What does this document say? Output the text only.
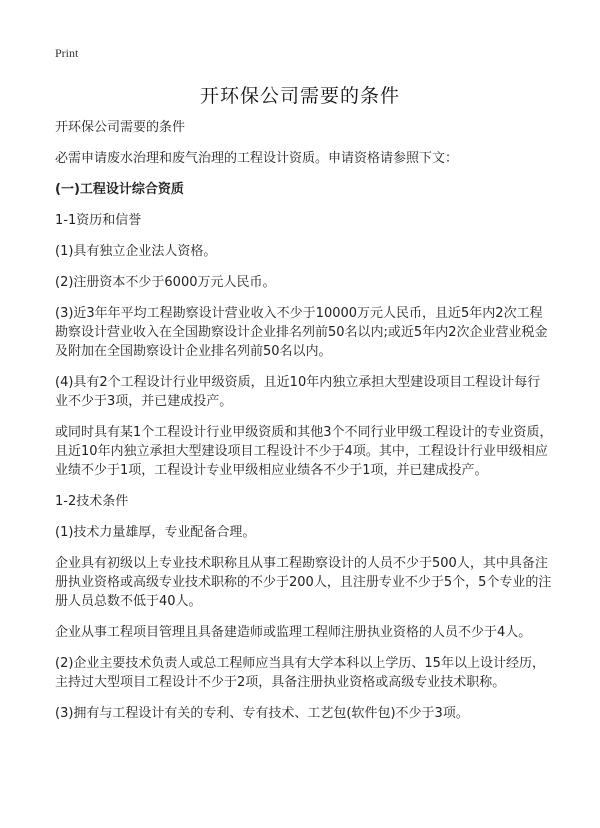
Print
开环保公司需要的条件

开环保公司需要的条件

必需申请废水治理和废气治理的工程设计资质。申请资格请参照下文：

(一)工程设计综合资质

1-1资历和信誉

(1)具有独立企业法人资格。

(2)注册资本不少于6000万元人民币。

(3)近3年年平均工程勘察设计营业收入不少于10000万元人民币，且近5年内2次工程勘察设计营业收入在全国勘察设计企业排名列前50名以内;或近5年内2次企业营业税金及附加在全国勘察设计企业排名列前50名以内。

(4)具有2个工程设计行业甲级资质，且近10年内独立承担大型建设项目工程设计每行业不少于3项，并已建成投产。

或同时具有某1个工程设计行业甲级资质和其他3个不同行业甲级工程设计的专业资质，且近10年内独立承担大型建设项目工程设计不少于4项。其中，工程设计行业甲级相应业绩不少于1项，工程设计专业甲级相应业绩各不少于1项，并已建成投产。

1-2技术条件

(1)技术力量雄厚，专业配备合理。

企业具有初级以上专业技术职称且从事工程勘察设计的人员不少于500人，其中具备注册执业资格或高级专业技术职称的不少于200人，且注册专业不少于5个，5个专业的注册人员总数不低于40人。

企业从事工程项目管理且具备建造师或监理工程师注册执业资格的人员不少于4人。

(2)企业主要技术负责人或总工程师应当具有大学本科以上学历、15年以上设计经历，主持过大型项目工程设计不少于2项，具备注册执业资格或高级专业技术职称。

(3)拥有与工程设计有关的专利、专有技术、工艺包(软件包)不少于3项。
